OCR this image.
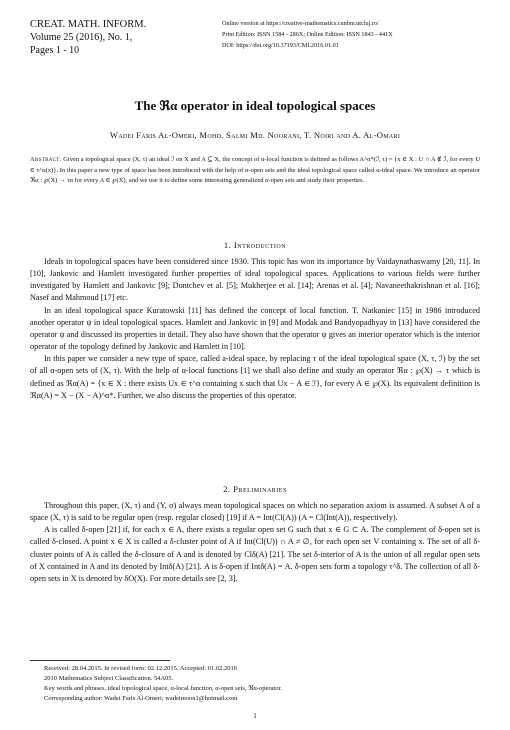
CREAT. MATH. INFORM.
Volume 25 (2016), No. 1,
Pages 1 - 10
Online version at https://creative-mathematics.cunbm.utcluj.ro/
Print Edition: ISSN 1584 - 286X; Online Edition: ISSN 1843 - 441X
DOI: https://doi.org/10.37193/CMI.2016.01.01
The ℜα operator in ideal topological spaces
Wadei Faris Al-Omeri, Mohd. Salmi Md. Noorani, T. Noiri and A. Al-Omari
Abstract. Given a topological space (X, τ) an ideal ℐ on X and A ⊆ X, the concept of α-local function is defined as follows A^α*(ℐ, τ) = {x ∈ X : U ∩ A ∉ ℐ, for every U ∈ τ^α(x)}. In this paper a new type of space has been introduced with the help of α-open sets and the ideal topological space called α-ideal space. We introduce an operator ℜα : ℘(X) → τα for every A ∈ ℘(X), and we use it to define some interesting generalized α-open sets and study their properties.
1. Introduction

Ideals in topological spaces have been considered since 1930. This topic has won its importance by Vaidaynathaswamy [20, 11]. In [10], Jankovic and Hamlett investigated further properties of ideal topological spaces. Applications to various fields were further investigated by Hamlett and Jankovic [9]; Dontchev et al. [5]; Mukherjee et al. [14]; Arenas et al. [4]; Navaneethakrishnan et al. [16]; Nasef and Mahmoud [17] etc.

In an ideal topological space Kuratowski [11] has defined the concept of local function. T. Natkaniec [15] in 1986 introduced another operator ψ in ideal topological spaces. Hamlett and Jankovic in [9] and Modak and Bandyopadhyay in [13] have considered the operator ψ and discussed its properties in detail. They also have shown that the operator ψ gives an interior operator which is the interior operator of the topology defined by Jankovic and Hamlett in [10].

In this paper we consider a new type of space, called a-ideal space, by replacing τ of the ideal topological space (X, τ, ℐ) by the set of all α-open sets of (X, τ). With the help of α-local functions [1] we shall also define and study an operator ℜα : ℘(X) → τ which is defined as ℜα(A) = {x ∈ X : there exists Ux ∈ τ^α containing x such that Ux − A ∈ ℐ}, for every A ∈ ℘(X). Its equivalent definition is ℜα(A) = X − (X − A)^α*. Further, we also discuss the properties of this operator.

2. Preliminaries

Throughout this paper, (X, τ) and (Y, σ) always mean topological spaces on which no separation axiom is assumed. A subset A of a space (X, τ) is said to be regular open (resp. regular closed) [19] if A = Int(Cl(A)) (A = Cl(Int(A)), respectively).

A is called δ-open [21] if, for each x ∈ A, there exists a regular open set G such that x ∈ G ⊂ A. The complement of δ-open set is called δ-closed. A point x ∈ X is called a δ-cluster point of A if Int(Cl(U)) ∩ A ≠ ∅, for each open set V containing x. The set of all δ-cluster points of A is called the δ-closure of A and is denoted by Clδ(A) [21]. The set δ-interior of A is the union of all regular open sets of X contained in A and its denoted by Intδ(A) [21]. A is δ-open if Intδ(A) = A. δ-open sets form a topology τ^δ. The collection of all δ-open sets in X is denoted by δO(X). For more details see [2, 3].

Received: 28.04.2015. In revised form: 02.12.2015. Accepted: 01.02.2016
2010 Mathematics Subject Classification. 54A05.
Key words and phrases. ideal topological space, α-local function, α-open sets, ℜα-operator.
Corresponding author: Wadei Faris Al-Omeri; wadeimoon1@hotmail.com
1
